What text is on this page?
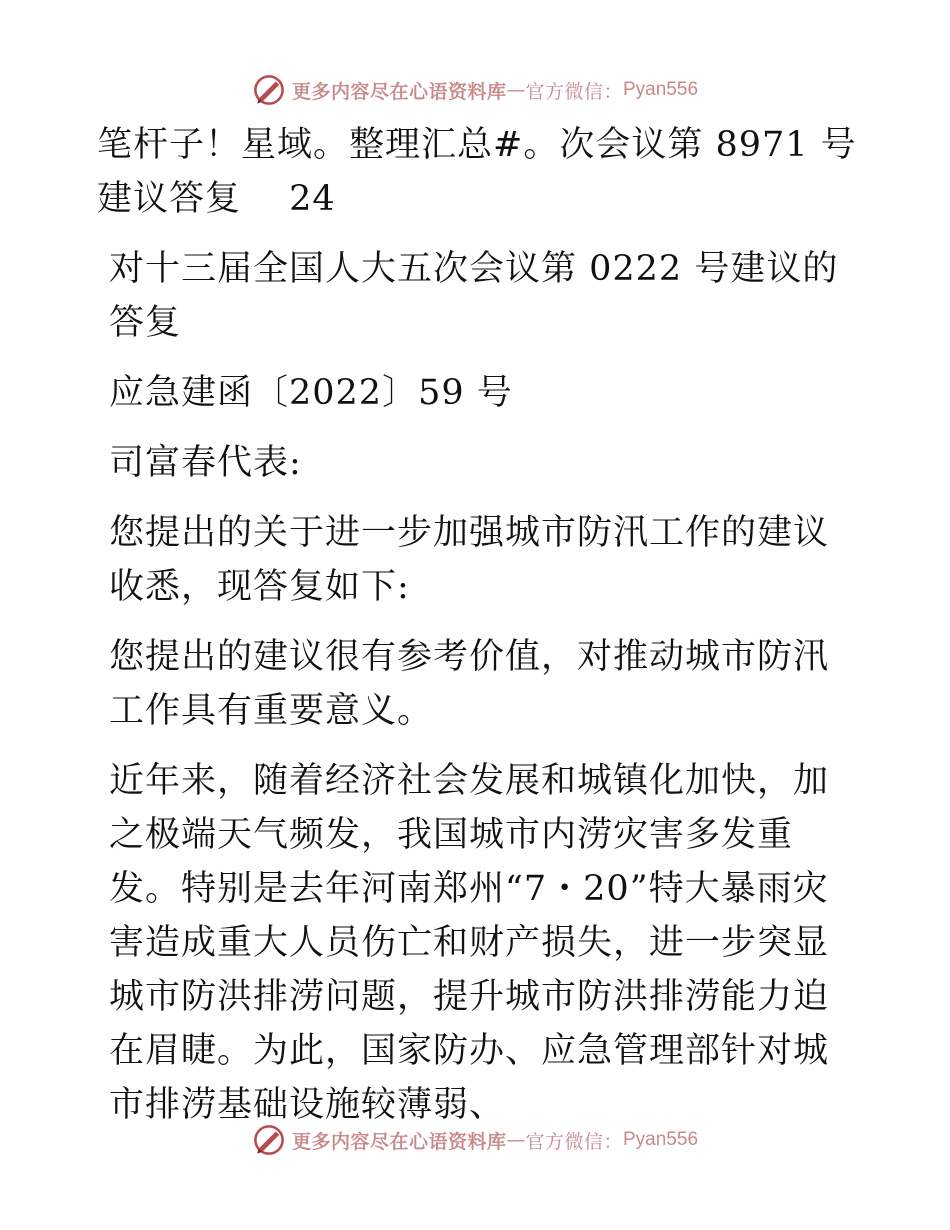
更多内容尽在心语资料库 — 官方微信： Pyan556

笔杆子！星域。整理汇总#。次会议第 8971 号建议答复　 24

对十三届全国人大五次会议第 0222 号建议的答复

应急建函〔2022〕59 号

司富春代表:

您提出的关于进一步加强城市防汛工作的建议收悉，现答复如下:

您提出的建议很有参考价值，对推动城市防汛工作具有重要意义。

近年来，随着经济社会发展和城镇化加快，加之极端天气频发，我国城市内涝灾害多发重发。特别是去年河南郑州“7・20”特大暴雨灾害造成重大人员伤亡和财产损失，进一步突显城市防洪排涝问题，提升城市防洪排涝能力迫在眉睫。为此，国家防办、应急管理部针对城市排涝基础设施较薄弱、

更多内容尽在心语资料库 — 官方微信： Pyan556
